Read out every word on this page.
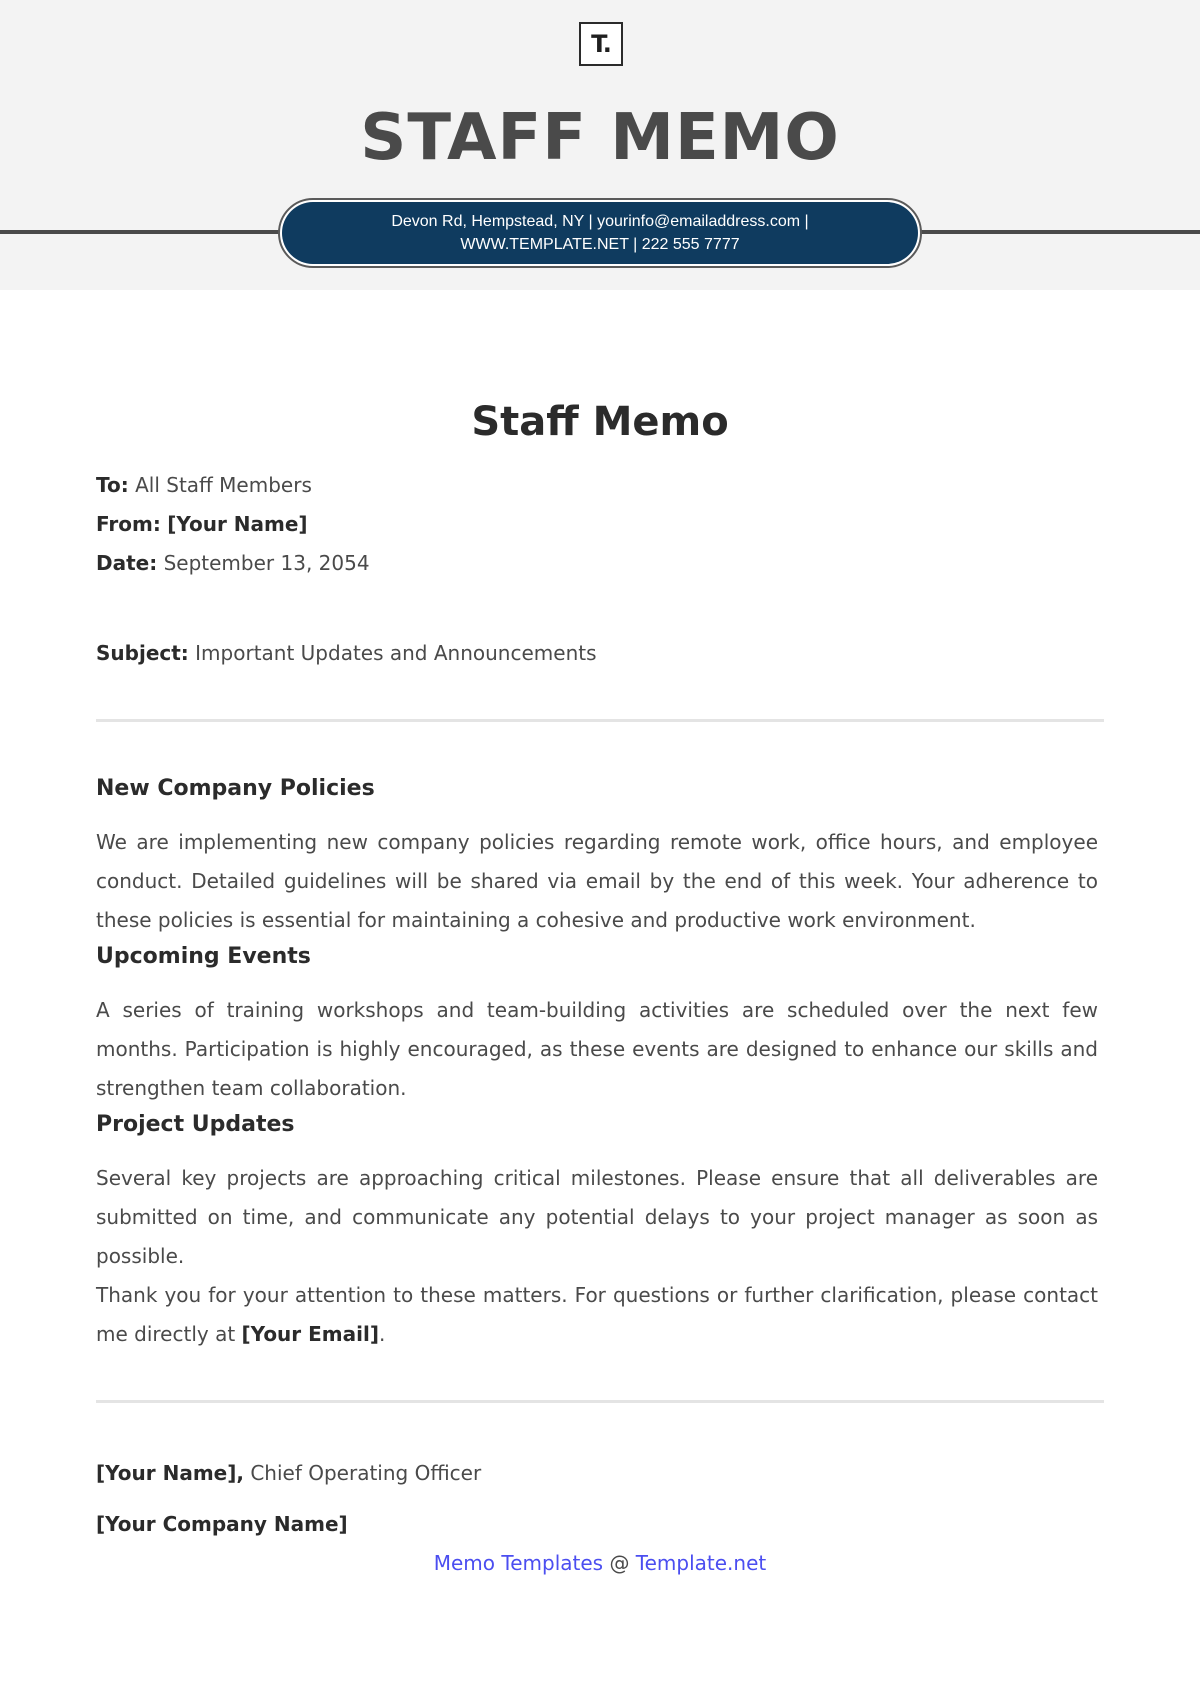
T.
STAFF MEMO
Devon Rd, Hempstead, NY | yourinfo@emailaddress.com |
WWW.TEMPLATE.NET | 222 555 7777
Staff Memo
To: All Staff Members
From: [Your Name]
Date: September 13, 2054
Subject: Important Updates and Announcements
New Company Policies

We are implementing new company policies regarding remote work, office hours, and employee conduct. Detailed guidelines will be shared via email by the end of this week. Your adherence to these policies is essential for maintaining a cohesive and productive work environment.

Upcoming Events

A series of training workshops and team-building activities are scheduled over the next few months. Participation is highly encouraged, as these events are designed to enhance our skills and strengthen team collaboration.

Project Updates

Several key projects are approaching critical milestones. Please ensure that all deliverables are submitted on time, and communicate any potential delays to your project manager as soon as possible.

Thank you for your attention to these matters. For questions or further clarification, please contact me directly at [Your Email].

[Your Name], Chief Operating Officer
[Your Company Name]
Memo Templates @ Template.net
